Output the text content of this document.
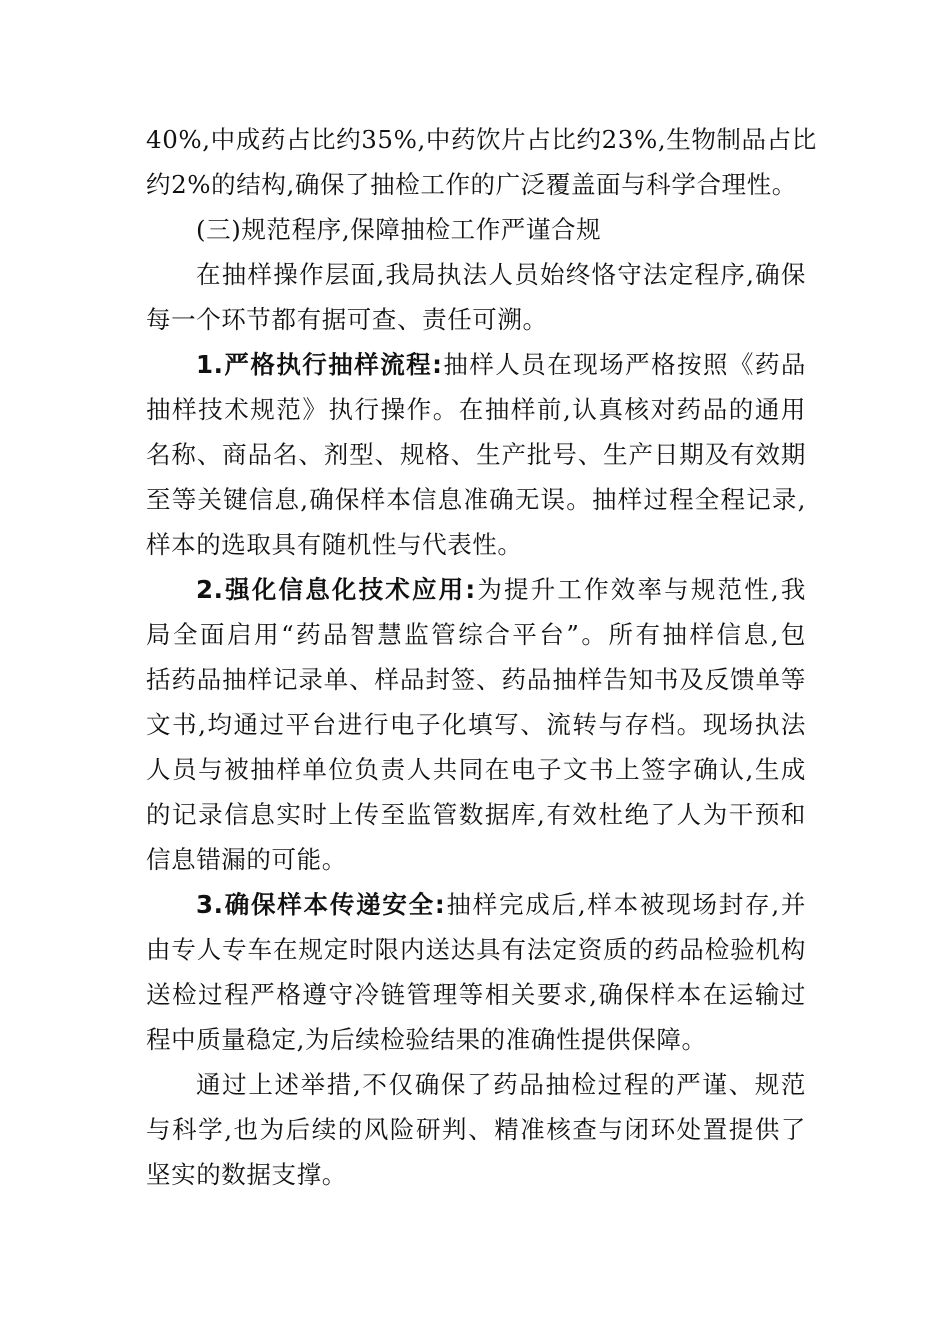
40%,中成药占比约35%,中药饮片占比约23%,生物制品占比
约2%的结构,确保了抽检工作的广泛覆盖面与科学合理性。
(三)规范程序,保障抽检工作严谨合规
在抽样操作层面,我局执法人员始终恪守法定程序,确保
每一个环节都有据可查、责任可溯。
1.严格执行抽样流程:抽样人员在现场严格按照《药品
抽样技术规范》执行操作。在抽样前,认真核对药品的通用
名称、商品名、剂型、规格、生产批号、生产日期及有效期
至等关键信息,确保样本信息准确无误。抽样过程全程记录,
样本的选取具有随机性与代表性。
2.强化信息化技术应用:为提升工作效率与规范性,我
局全面启用“药品智慧监管综合平台”。所有抽样信息,包
括药品抽样记录单、样品封签、药品抽样告知书及反馈单等
文书,均通过平台进行电子化填写、流转与存档。现场执法
人员与被抽样单位负责人共同在电子文书上签字确认,生成
的记录信息实时上传至监管数据库,有效杜绝了人为干预和
信息错漏的可能。
3.确保样本传递安全:抽样完成后,样本被现场封存,并
由专人专车在规定时限内送达具有法定资质的药品检验机构
送检过程严格遵守冷链管理等相关要求,确保样本在运输过
程中质量稳定,为后续检验结果的准确性提供保障。
通过上述举措,不仅确保了药品抽检过程的严谨、规范
与科学,也为后续的风险研判、精准核查与闭环处置提供了
坚实的数据支撑。
